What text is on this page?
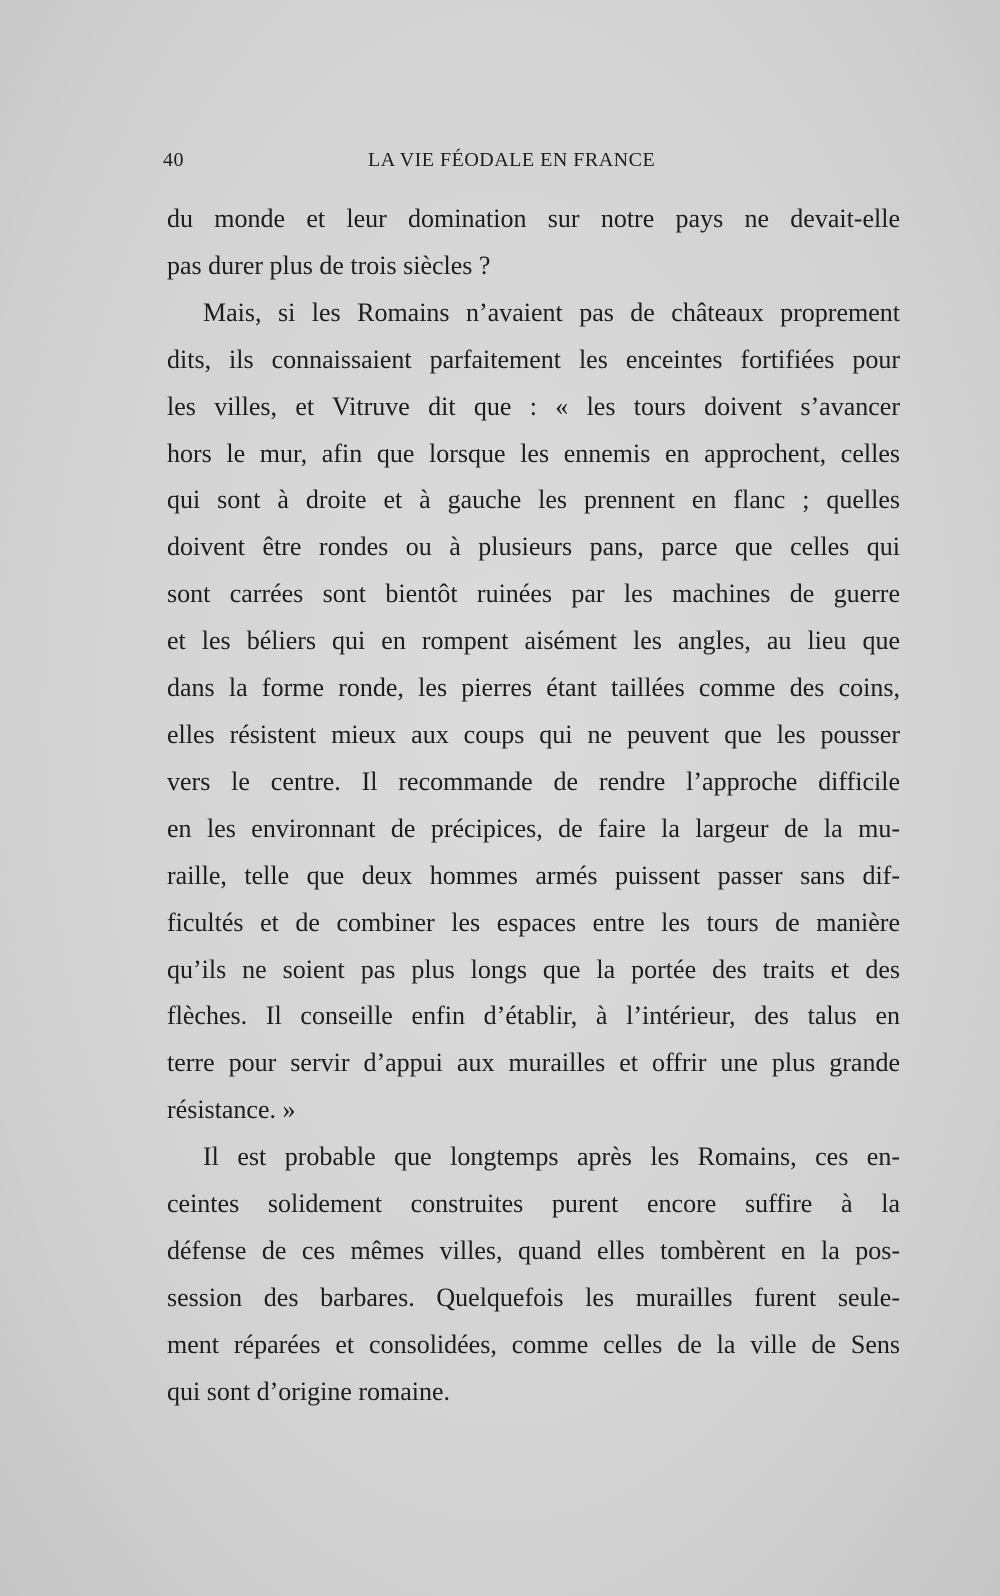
40	LA VIE FÉODALE EN FRANCE

du monde et leur domination sur notre pays ne devait-elle
pas durer plus de trois siècles ?

Mais, si les Romains n’avaient pas de châteaux proprement
dits, ils connaissaient parfaitement les enceintes fortifiées pour
les villes, et Vitruve dit que : « les tours doivent s’avancer
hors le mur, afin que lorsque les ennemis en approchent, celles
qui sont à droite et à gauche les prennent en flanc ; quelles
doivent être rondes ou à plusieurs pans, parce que celles qui
sont carrées sont bientôt ruinées par les machines de guerre
et les béliers qui en rompent aisément les angles, au lieu que
dans la forme ronde, les pierres étant taillées comme des coins,
elles résistent mieux aux coups qui ne peuvent que les pousser
vers le centre. Il recommande de rendre l’approche difficile
en les environnant de précipices, de faire la largeur de la mu-
raille, telle que deux hommes armés puissent passer sans dif-
ficultés et de combiner les espaces entre les tours de manière
qu’ils ne soient pas plus longs que la portée des traits et des
flèches. Il conseille enfin d’établir, à l’intérieur, des talus en
terre pour servir d’appui aux murailles et offrir une plus grande
résistance. »

Il est probable que longtemps après les Romains, ces en-
ceintes solidement construites purent encore suffire à la
défense de ces mêmes villes, quand elles tombèrent en la pos-
session des barbares. Quelquefois les murailles furent seule-
ment réparées et consolidées, comme celles de la ville de Sens
qui sont d’origine romaine.
